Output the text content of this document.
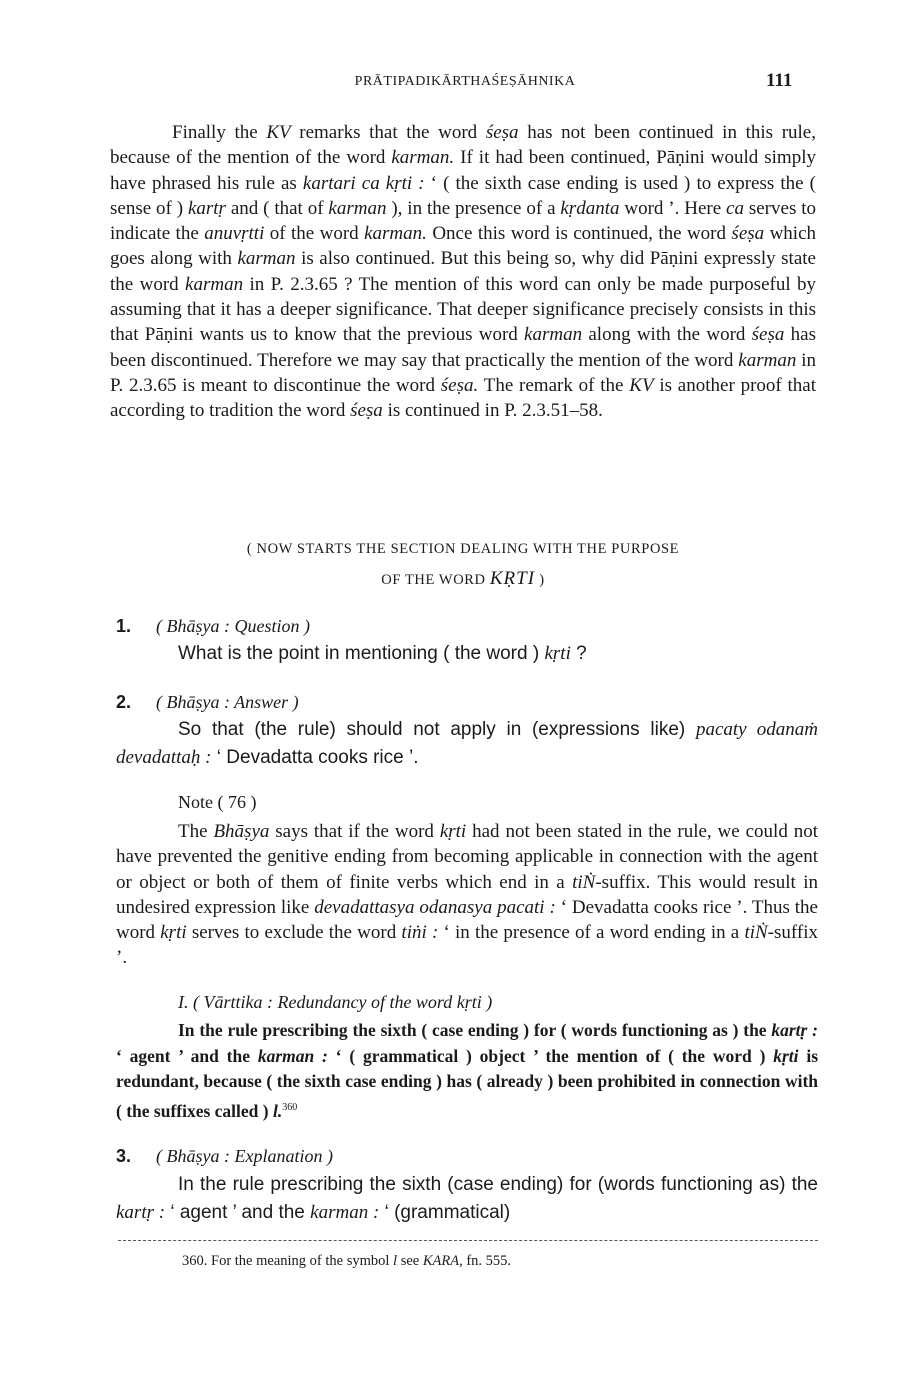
PRĀTIPADIKĀRTHAŚEṢĀHNIKA	111

Finally the KV remarks that the word śeṣa has not been continued in this rule, because of the mention of the word karman. If it had been continued, Pāṇini would simply have phrased his rule as kartari ca kṛti : ‘ ( the sixth case ending is used ) to express the ( sense of ) kartṛ and ( that of karman ), in the presence of a kṛdanta word ’. Here ca serves to indicate the anuvṛtti of the word karman. Once this word is continued, the word śeṣa which goes along with karman is also continued. But this being so, why did Pāṇini expressly state the word karman in P. 2.3.65 ? The mention of this word can only be made purposeful by assuming that it has a deeper significance. That deeper significance precisely consists in this that Pāṇini wants us to know that the previous word karman along with the word śeṣa has been discontinued. Therefore we may say that practically the mention of the word karman in P. 2.3.65 is meant to discontinue the word śeṣa. The remark of the KV is another proof that according to tradition the word śeṣa is continued in P. 2.3.51–58.

( NOW STARTS THE SECTION DEALING WITH THE PURPOSE
OF THE WORD KṚTI )
1. ( Bhāṣya : Question )

What is the point in mentioning ( the word ) kṛti ?

2. ( Bhāṣya : Answer )

So that (the rule) should not apply in (expressions like) pacaty odanaṁ devadattaḥ : ‘ Devadatta cooks rice ’.

Note ( 76 )

The Bhāṣya says that if the word kṛti had not been stated in the rule, we could not have prevented the genitive ending from becoming applicable in connection with the agent or object or both of them of finite verbs which end in a tiṄ-suffix. This would result in undesired expression like devadattasya odanasya pacati : ‘ Devadatta cooks rice ’. Thus the word kṛti serves to exclude the word tiṅi : ‘ in the presence of a word ending in a tiṄ-suffix ’.

I. ( Vārttika : Redundancy of the word kṛti )

In the rule prescribing the sixth ( case ending ) for ( words functioning as ) the kartṛ : ‘ agent ’ and the karman : ‘ ( grammatical ) object ’ the mention of ( the word ) kṛti is redundant, because ( the sixth case ending ) has ( already ) been prohibited in connection with ( the suffixes called ) l.$^{360}$

3. ( Bhāṣya : Explanation )

In the rule prescribing the sixth (case ending) for (words functioning as) the kartṛ : ‘ agent ’ and the karman : ‘ (grammatical)

360. For the meaning of the symbol l see KARA, fn. 555.
